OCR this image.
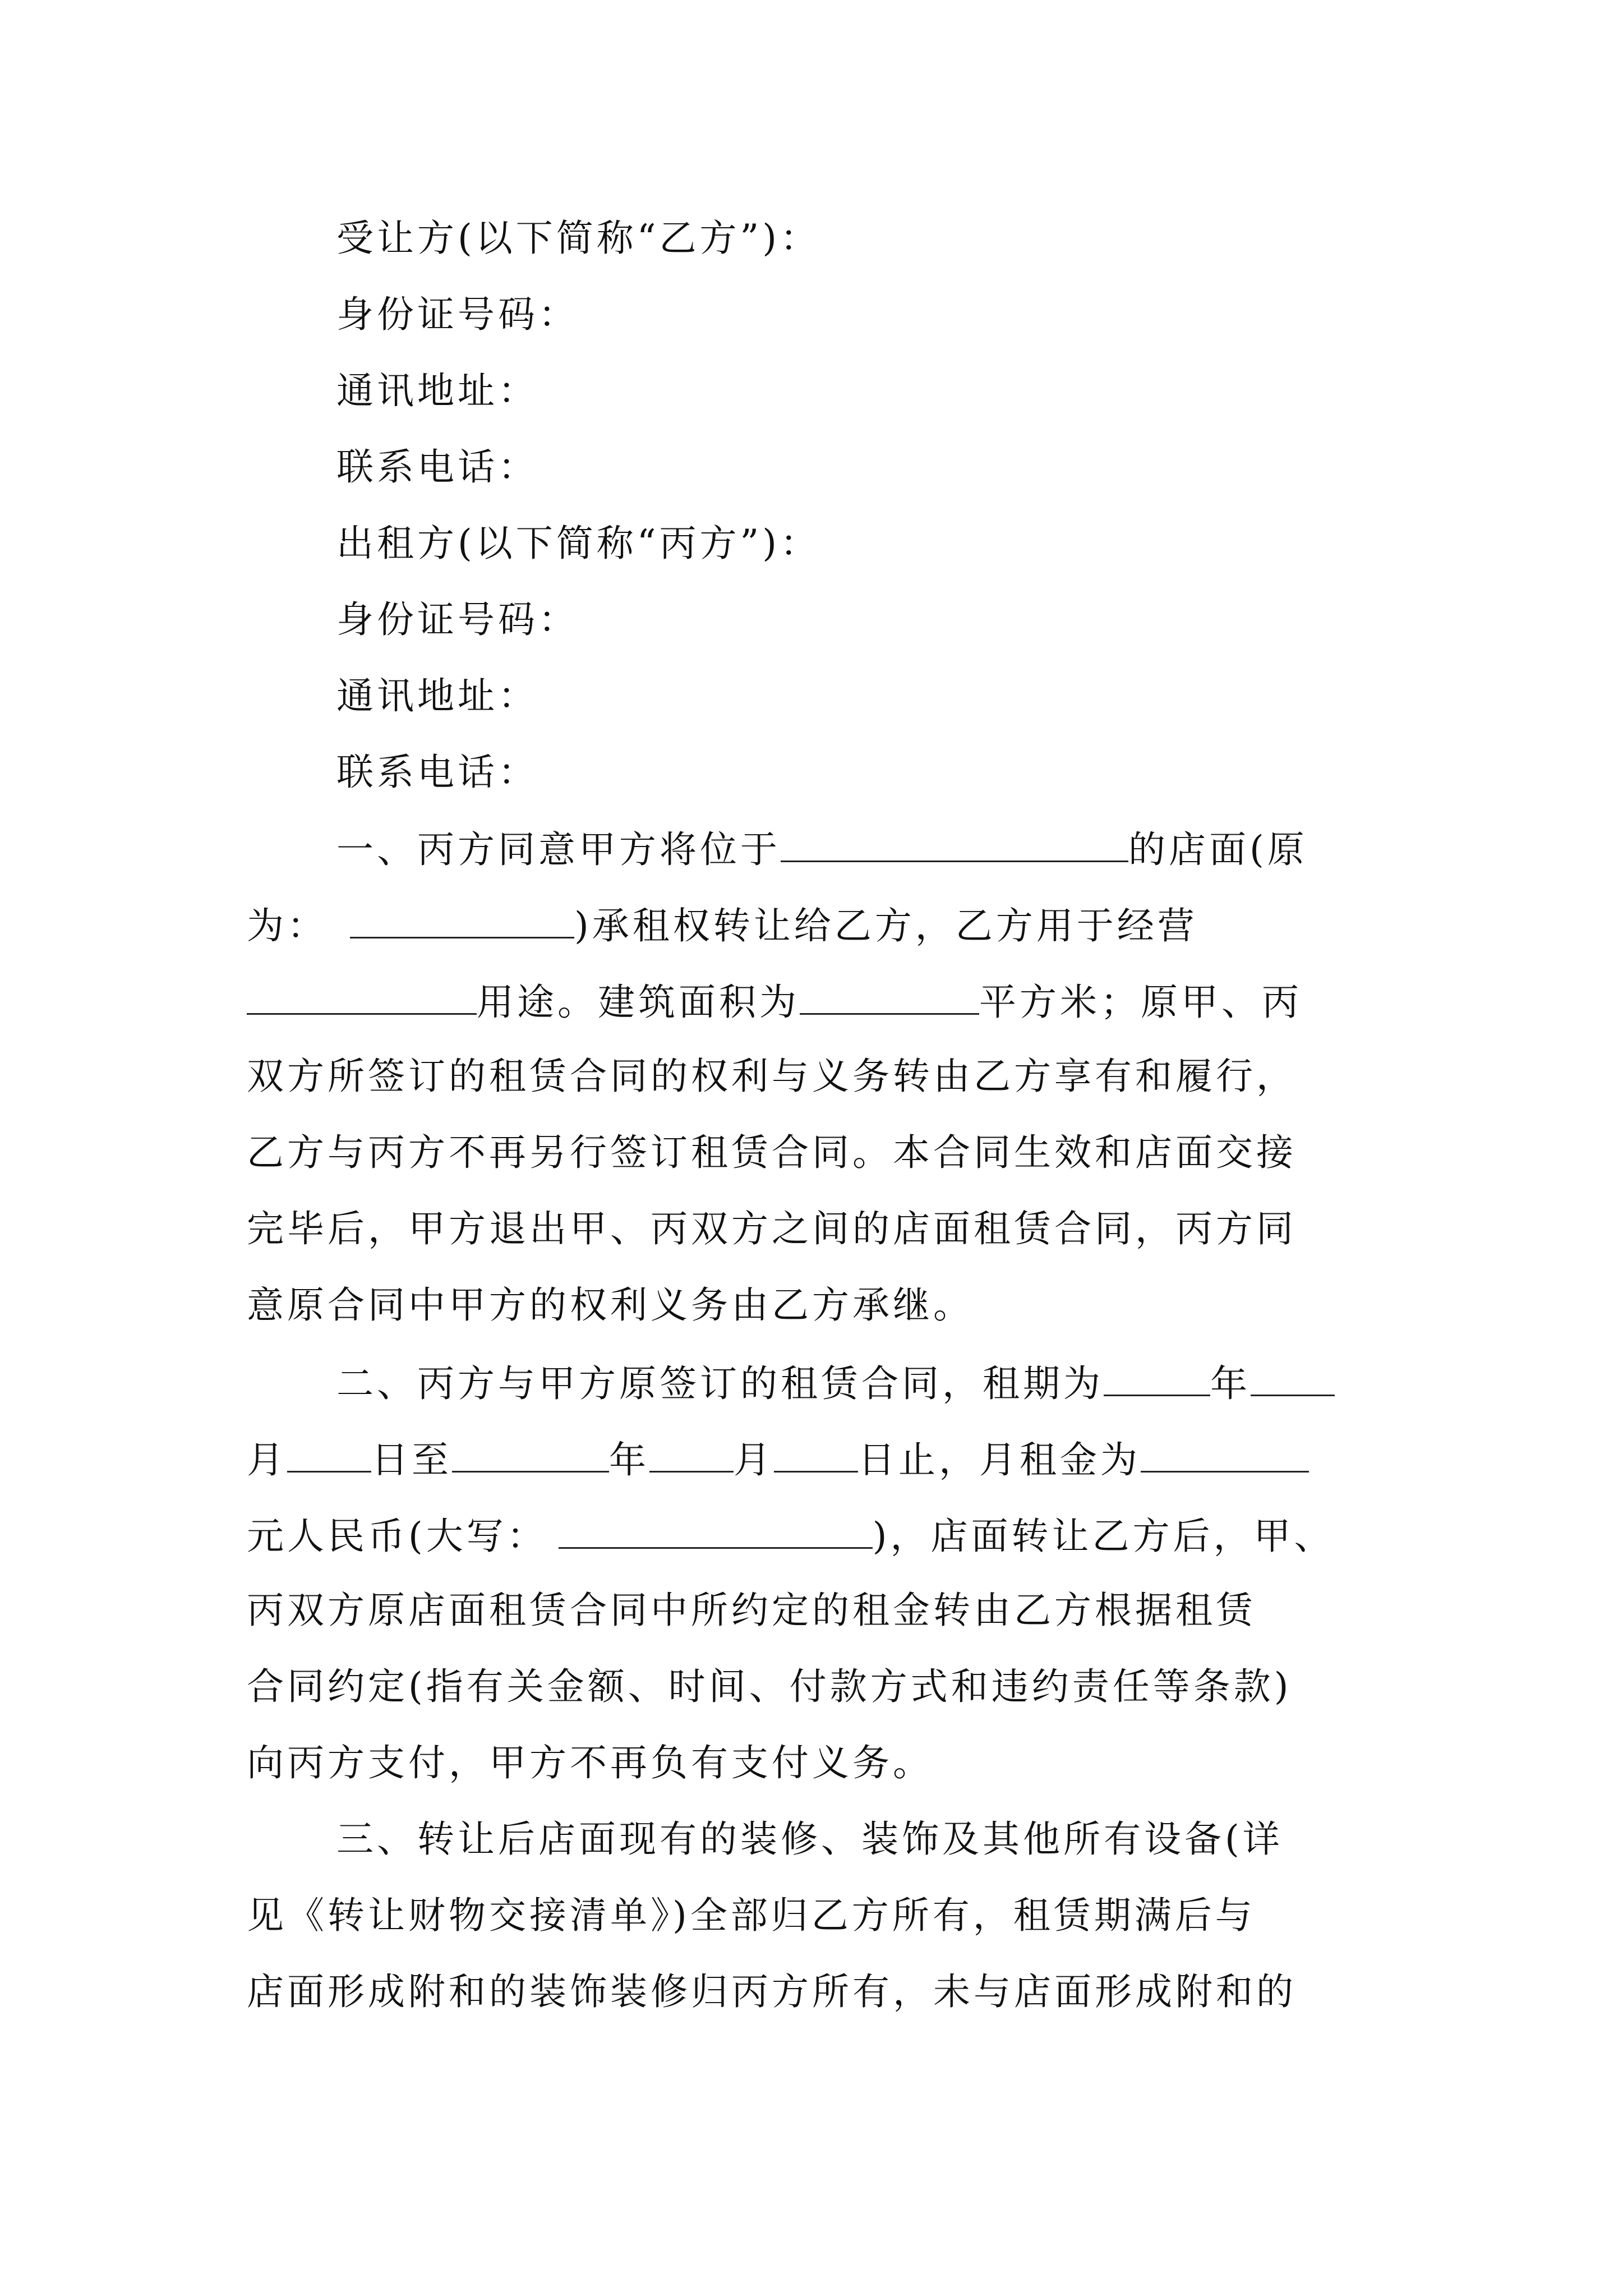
受让方(以下简称“乙方”)：
身份证号码：
通讯地址：
联系电话：
出租方(以下简称“丙方”)：
身份证号码：
通讯地址：
联系电话：
一、丙方同意甲方将位于	的店面(原
为：	)承租权转让给乙方，乙方用于经营
用途。建筑面积为	平方米；原甲、丙
双方所签订的租赁合同的权利与义务转由乙方享有和履行，
乙方与丙方不再另行签订租赁合同。本合同生效和店面交接
完毕后，甲方退出甲、丙双方之间的店面租赁合同，丙方同
意原合同中甲方的权利义务由乙方承继。
二、丙方与甲方原签订的租赁合同，租期为	年
月 日至	年 月 日止，月租金为
元人民币(大写：	)，店面转让乙方后，甲、
丙双方原店面租赁合同中所约定的租金转由乙方根据租赁
合同约定(指有关金额、时间、付款方式和违约责任等条款)
向丙方支付，甲方不再负有支付义务。
三、转让后店面现有的装修、装饰及其他所有设备(详
见《转让财物交接清单》)全部归乙方所有，租赁期满后与
店面形成附和的装饰装修归丙方所有，未与店面形成附和的
